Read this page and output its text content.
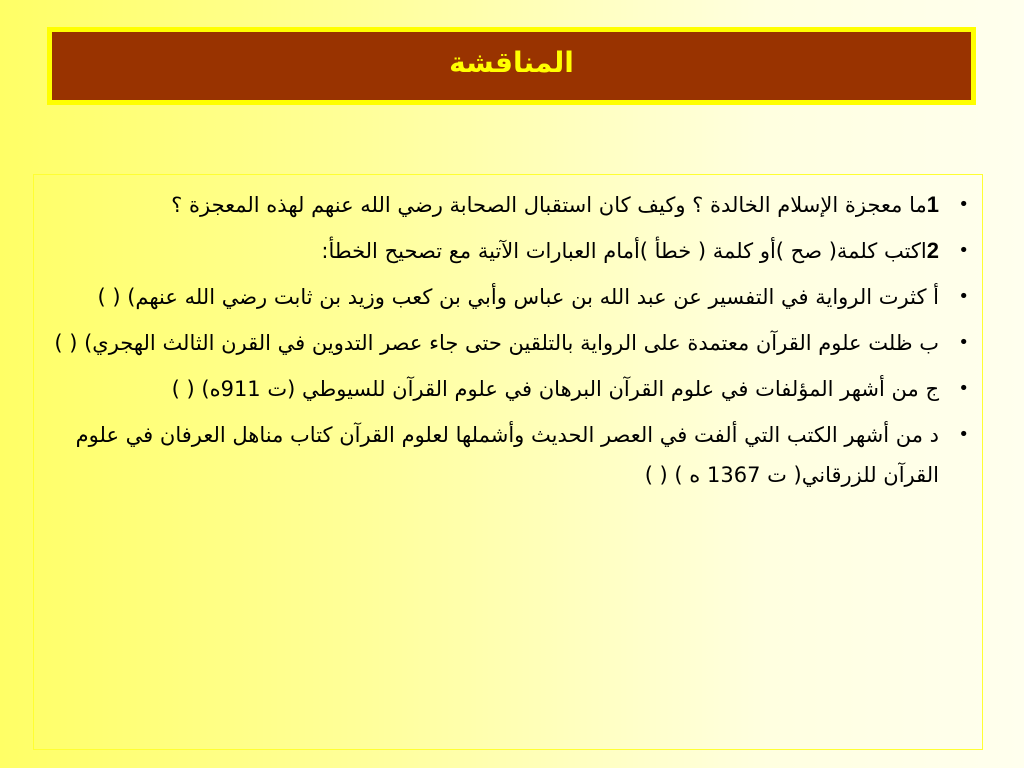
المناقشة
•
1ما معجزة الإسلام الخالدة ؟ وكيف كان استقبال الصحابة رضي الله عنهم لهذه المعجزة ؟
•
2اكتب كلمة( صح )أو كلمة ( خطأ )أمام العبارات الآتية مع تصحيح الخطأ:
•
أ كثرت الرواية في التفسير عن عبد الله بن عباس وأبي بن كعب وزيد بن ثابت رضي الله عنهم) ( )
•
ب ظلت علوم القرآن معتمدة على الرواية بالتلقين حتى جاء عصر التدوين في القرن الثالث الهجري) ( )
•
ج من أشهر المؤلفات في علوم القرآن البرهان في علوم القرآن للسيوطي (ت 911ه) ( )
•
د من أشهر الكتب التي ألفت في العصر الحديث وأشملها لعلوم القرآن كتاب مناهل العرفان في علوم القرآن للزرقاني( ت 1367 ه ) ( )
